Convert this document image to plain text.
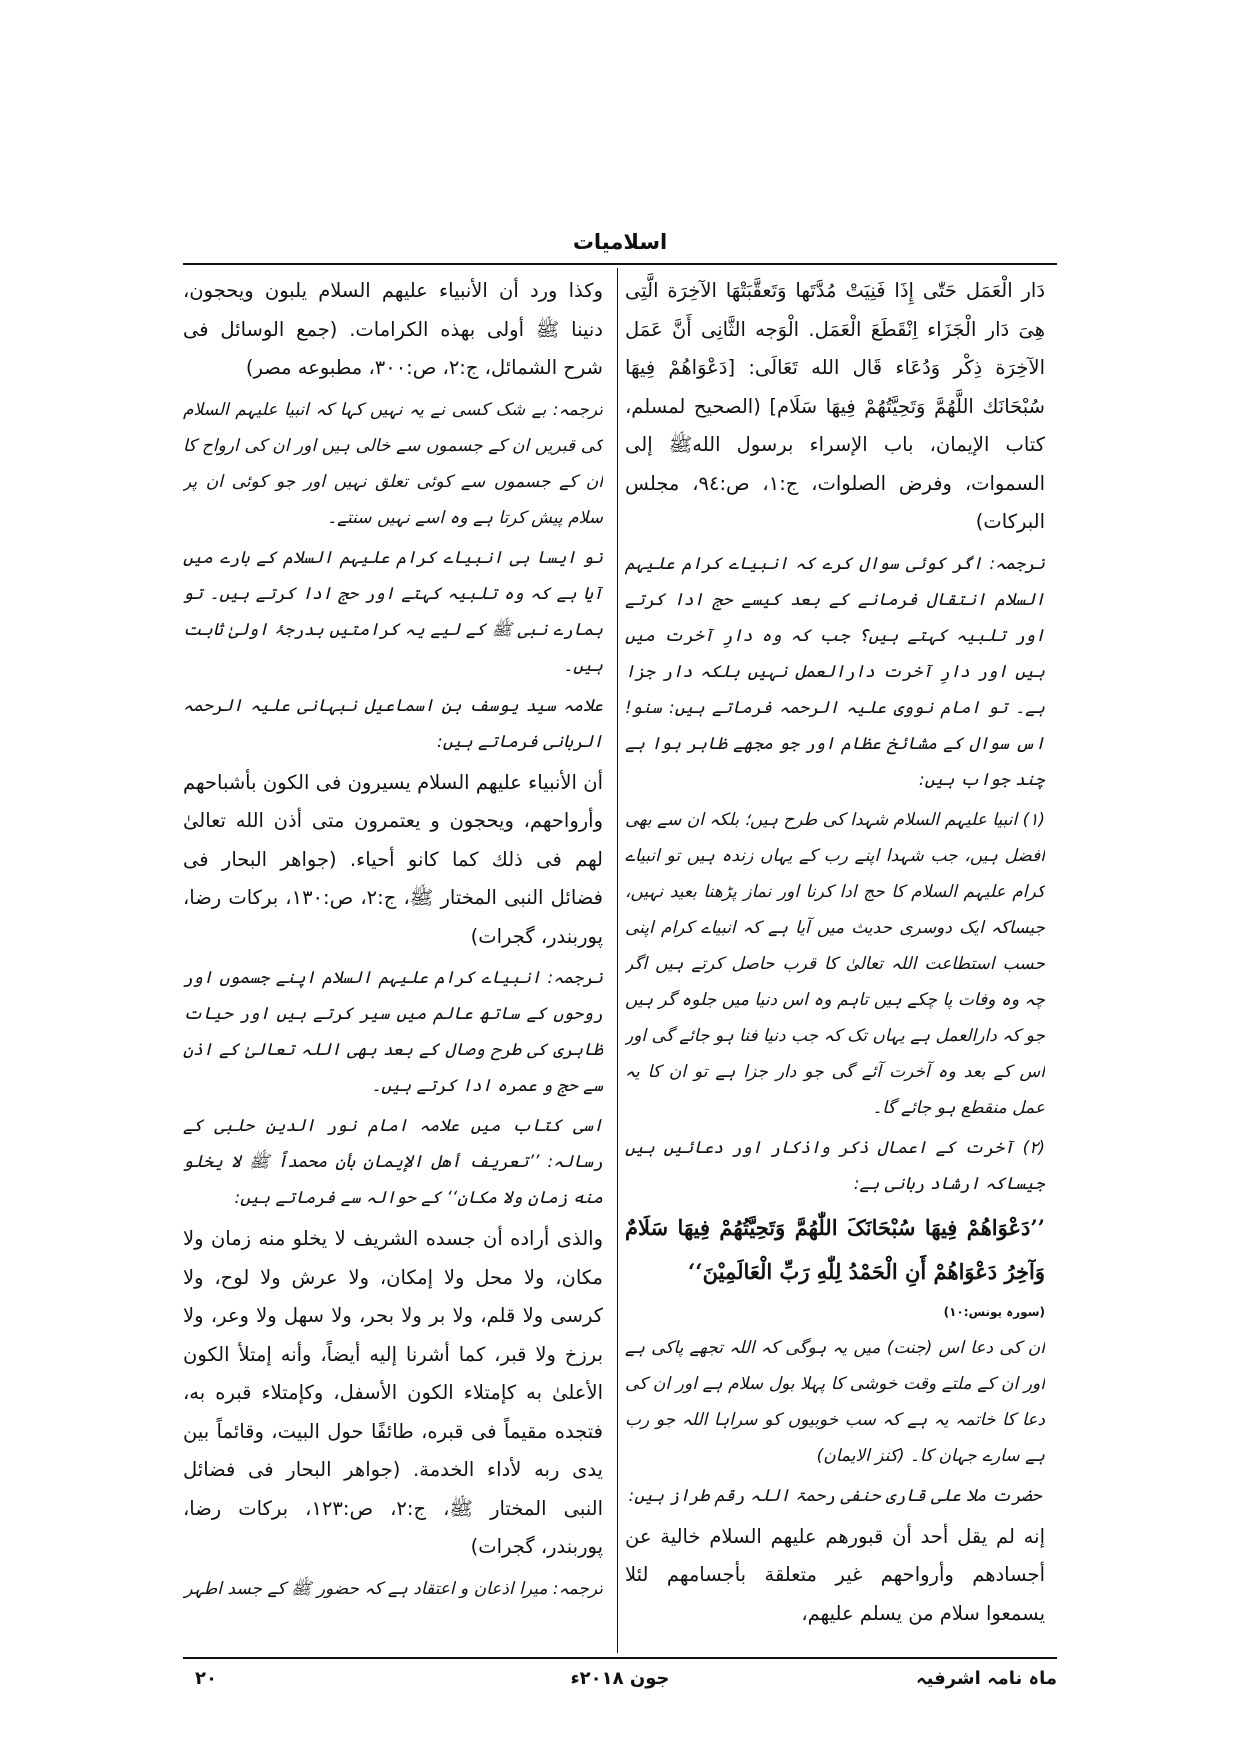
اسلامیات

دَار الْعَمَل حَتّٰی إِذَا فَنِیَتْ مُدَّتَها وَتَعقَّبَتْهَا الآخِرَة الَّتِی هِیَ دَار الْجَزَاء اِنْقَطَعَ الْعَمَل. الْوَجه الثَّانِی أَنَّ عَمَل الآخِرَة ذِکْر وَدُعَاء قَال الله تَعَالَی: [دَعْوَاهُمْ فِیهَا سُبْحَانَك اللَّهُمَّ وَتَحِیَّتُهُمْ فِیهَا سَلَام] (الصحیح لمسلم، کتاب الإیمان، باب الإسراء برسول اللهﷺ إلی السموات، وفرض الصلوات، ج:١، ص:٩٤، مجلس البرکات)

ترجمہ: اگر کوئی سوال کرے کہ انبیاے کرام علیہم السلام انتقال فرمانے کے بعد کیسے حج ادا کرتے اور تلبیہ کہتے ہیں؟ جب کہ وہ دارِ آخرت میں ہیں اور دارِ آخرت دارالعمل نہیں بلکہ دار جزا ہے۔ تو امام نووی علیہ الرحمہ فرماتے ہیں: سنو! اس سوال کے مشائخ عظام اور جو مجھے ظاہر ہوا ہے چند جواب ہیں:

(۱) انبیا علیہم السلام شہدا کی طرح ہیں؛ بلکہ ان سے بھی افضل ہیں، جب شہدا اپنے رب کے یہاں زندہ ہیں تو انبیاے کرام علیہم السلام کا حج ادا کرنا اور نماز پڑھنا بعید نہیں، جیساکہ ایک دوسری حدیث میں آیا ہے کہ انبیاے کرام اپنی حسب استطاعت اللہ تعالیٰ کا قرب حاصل کرتے ہیں اگر چہ وہ وفات پا چکے ہیں تاہم وہ اس دنیا میں جلوہ گر ہیں جو کہ دارالعمل ہے یہاں تک کہ جب دنیا فنا ہو جائے گی اور اس کے بعد وہ آخرت آئے گی جو دار جزا ہے تو ان کا یہ عمل منقطع ہو جائے گا۔

(۲) آخرت کے اعمال ذکر واذکار اور دعائیں ہیں جیساکہ ارشاد ربانی ہے:

’’دَعْوَاهُمْ فِیهَا سُبْحَانَکَ اللّٰهُمَّ وَتَحِیَّتُهُمْ فِیهَا سَلَامٌ وَآخِرُ دَعْوَاهُمْ أَنِ الْحَمْدُ لِلّٰهِ رَبِّ الْعَالَمِیْنَ‘‘

(سورہ یونس:١٠)

ان کی دعا اس (جنت) میں یہ ہوگی کہ اللہ تجھے پاکی ہے اور ان کے ملتے وقت خوشی کا پہلا بول سلام ہے اور ان کی دعا کا خاتمہ یہ ہے کہ سب خوبیوں کو سراہا اللہ جو رب ہے سارے جہان کا۔ (کنز الایمان)

حضرت ملا علی قاری حنفی رحمۃ اللہ رقم طراز ہیں:

إنه لم یقل أحد أن قبورهم علیهم السلام خالیة عن أجسادهم وأرواحهم غیر متعلقة بأجسامهم لئلا یسمعوا سلام من یسلم علیهم،

وکذا ورد أن الأنبیاء علیهم السلام یلبون ویحجون، دنینا ﷺ أولی بهذه الکرامات. (جمع الوسائل فی شرح الشمائل، ج:٢، ص:٣٠٠، مطبوعه مصر)

ترجمہ: بے شک کسی نے یہ نہیں کہا کہ انبیا علیہم السلام کی قبریں ان کے جسموں سے خالی ہیں اور ان کی ارواح کا ان کے جسموں سے کوئی تعلق نہیں اور جو کوئی ان پر سلام پیش کرتا ہے وہ اسے نہیں سنتے۔

تو ایسا ہی انبیاے کرام علیہم السلام کے بارے میں آیا ہے کہ وہ تلبیہ کہتے اور حج ادا کرتے ہیں۔ تو ہمارے نبی ﷺ کے لیے یہ کرامتیں بدرجۂ اولیٰ ثابت ہیں۔

علامہ سید یوسف بن اسماعیل نبہانی علیہ الرحمہ الربانی فرماتے ہیں:

أن الأنبیاء علیهم السلام یسیرون فی الکون بأشباحهم وأرواحهم، ویحجون و یعتمرون متی أذن الله تعالیٰ لهم فی ذلك کما کانو أحیاء. (جواهر البحار فی فضائل النبی المختار ﷺ، ج:٢، ص:١٣٠، برکات رضا، پوربندر، گجرات)

ترجمہ: انبیاے کرام علیہم السلام اپنے جسموں اور روحوں کے ساتھ عالم میں سیر کرتے ہیں اور حیات ظاہری کی طرح وصال کے بعد بھی اللہ تعالیٰ کے اذن سے حج و عمرہ ادا کرتے ہیں۔

اسی کتاب میں علامہ امام نور الدین حلبی کے رسالہ: ’’تعریف أهل الإیمان بأن محمداً ﷺ لا یخلو منه زمان ولا مکان‘‘ کے حوالہ سے فرماتے ہیں:

والذی أراده أن جسده الشریف لا یخلو منه زمان ولا مکان، ولا محل ولا إمکان، ولا عرش ولا لوح، ولا کرسی ولا قلم، ولا بر ولا بحر، ولا سهل ولا وعر، ولا برزخ ولا قبر، کما أشرنا إلیه أیضاً، وأنه إمتلأ الکون الأعلیٰ به کإمتلاء الکون الأسفل، وکإمتلاء قبره به، فتجده مقیماً فی قبره، طائفًا حول البیت، وقائماً بین یدی ربه لأداء الخدمة. (جواهر البحار فی فضائل النبی المختار ﷺ، ج:٢، ص:١٢٣، برکات رضا، پوربندر، گجرات)

ترجمہ: میرا اذعان و اعتقاد ہے کہ حضور ﷺ کے جسد اطہر

ماہ نامہ اشرفیہ
جون ۲۰۱۸ء
۲۰
